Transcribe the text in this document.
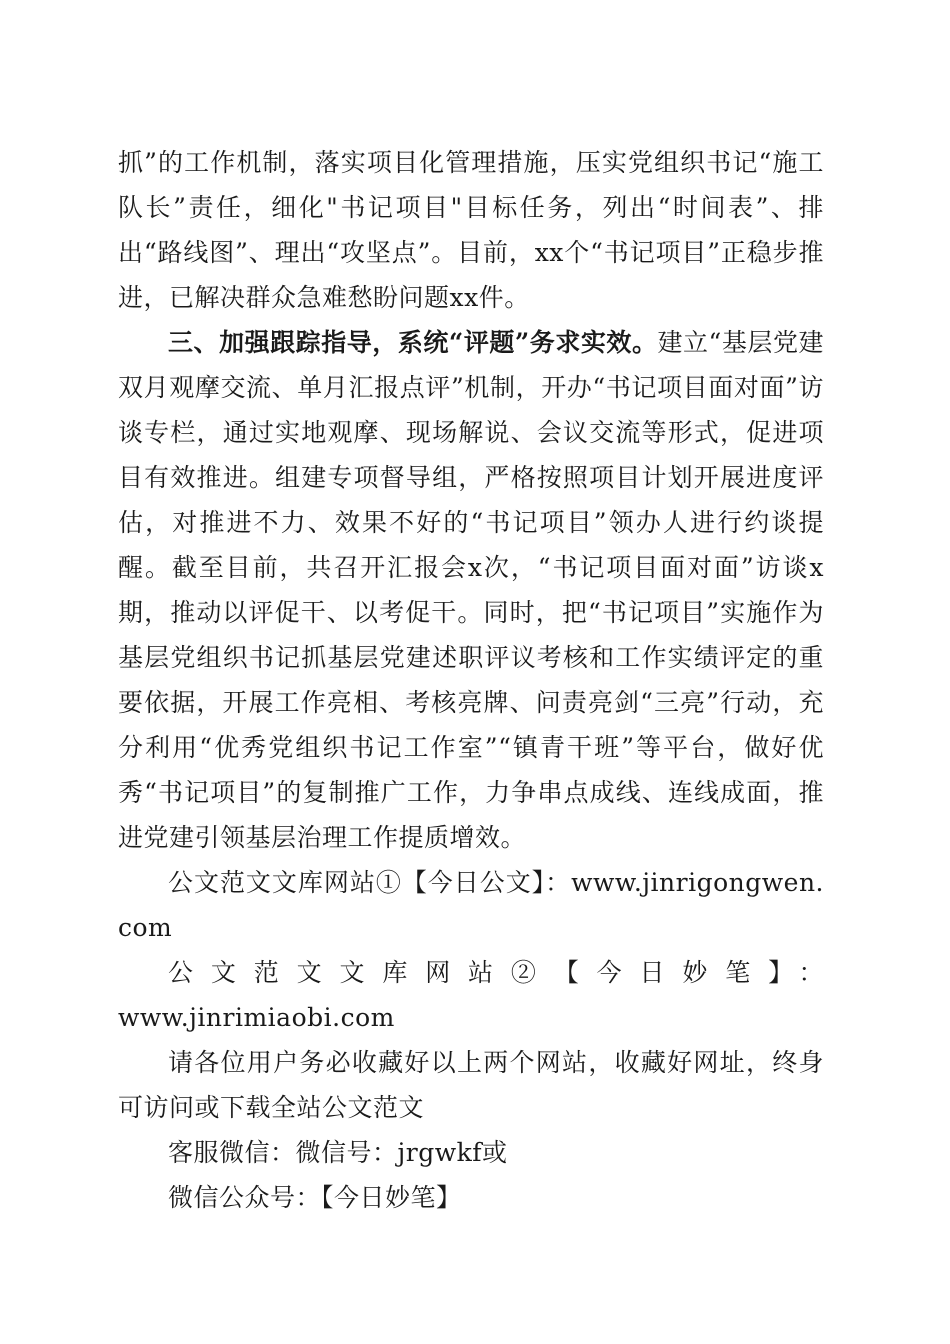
抓”的工作机制，落实项目化管理措施，压实党组织书记“施工队长”责任，细化"书记项目"目标任务，列出“时间表”、排出“路线图”、理出“攻坚点”。目前，xx个“书记项目”正稳步推进，已解决群众急难愁盼问题xx件。

三、加强跟踪指导，系统“评题”务求实效。建立“基层党建双月观摩交流、单月汇报点评”机制，开办“书记项目面对面”访谈专栏，通过实地观摩、现场解说、会议交流等形式，促进项目有效推进。组建专项督导组，严格按照项目计划开展进度评估，对推进不力、效果不好的“书记项目”领办人进行约谈提醒。截至目前，共召开汇报会x次，“书记项目面对面”访谈x期，推动以评促干、以考促干。同时，把“书记项目”实施作为基层党组织书记抓基层党建述职评议考核和工作实绩评定的重要依据，开展工作亮相、考核亮牌、问责亮剑“三亮”行动，充分利用“优秀党组织书记工作室”“镇青干班”等平台，做好优秀“书记项目”的复制推广工作，力争串点成线、连线成面，推进党建引领基层治理工作提质增效。

公文范文文库网站①【今日公文】：www.jinrigongwen.com

公文范文文库网站②【今日妙笔】：www.jinrimiaobi.com

请各位用户务必收藏好以上两个网站，收藏好网址，终身可访问或下载全站公文范文

客服微信：微信号：jrgwkf或

微信公众号：【今日妙笔】
